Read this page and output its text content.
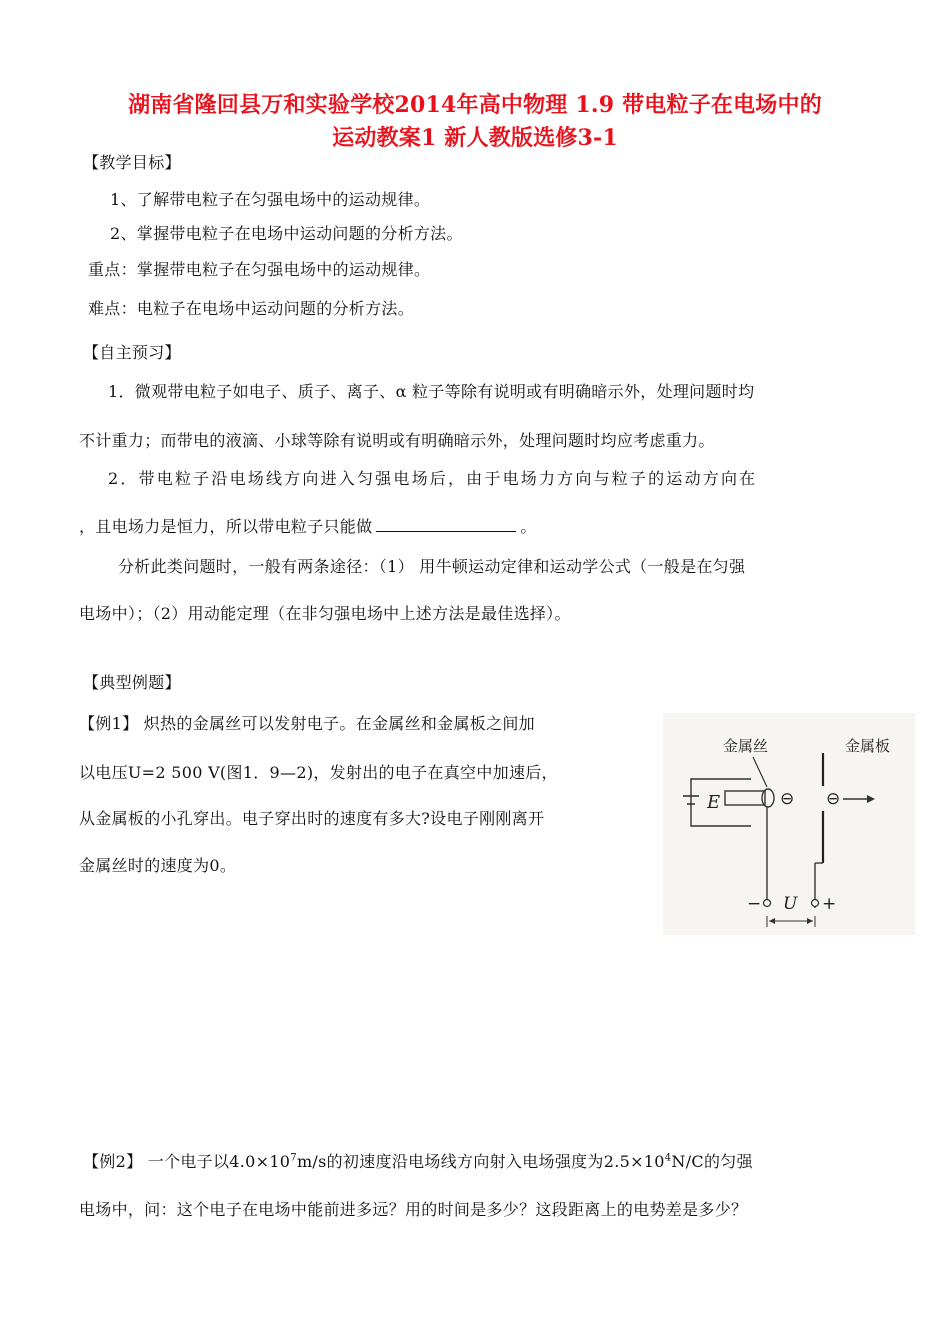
湖南省隆回县万和实验学校2014年高中物理 1.9 带电粒子在电场中的
运动教案1 新人教版选修3-1
【教学目标】
1、了解带电粒子在匀强电场中的运动规律。
2、掌握带电粒子在电场中运动问题的分析方法。
重点：掌握带电粒子在匀强电场中的运动规律。
难点：电粒子在电场中运动问题的分析方法。
【自主预习】
1．微观带电粒子如电子、质子、离子、α 粒子等除有说明或有明确暗示外，处理问题时均
不计重力；而带电的液滴、小球等除有说明或有明确暗示外，处理问题时均应考虑重力。
2．带电粒子沿电场线方向进入匀强电场后，由于电场力方向与粒子的运动方向在
，且电场力是恒力，所以带电粒子只能做	。
分析此类问题时，一般有两条途径：（1） 用牛顿运动定律和运动学公式（一般是在匀强
电场中）；（2）用动能定理（在非匀强电场中上述方法是最佳选择）。
【典型例题】
【例1】 炽热的金属丝可以发射电子。在金属丝和金属板之间加
以电压U=2 500 V(图1．9—2)，发射出的电子在真空中加速后，
从金属板的小孔穿出。电子穿出时的速度有多大?设电子刚刚离开
金属丝时的速度为0。
金属丝	金属板
E	⊖ ⊖
−	+
U
【例2】 一个电子以$4.0\times 10^7m/s$的初速度沿电场线方向射入电场强度为$2.5\times 10^4N/C$的匀强
电场中，问：这个电子在电场中能前进多远？用的时间是多少？这段距离上的电势差是多少？
